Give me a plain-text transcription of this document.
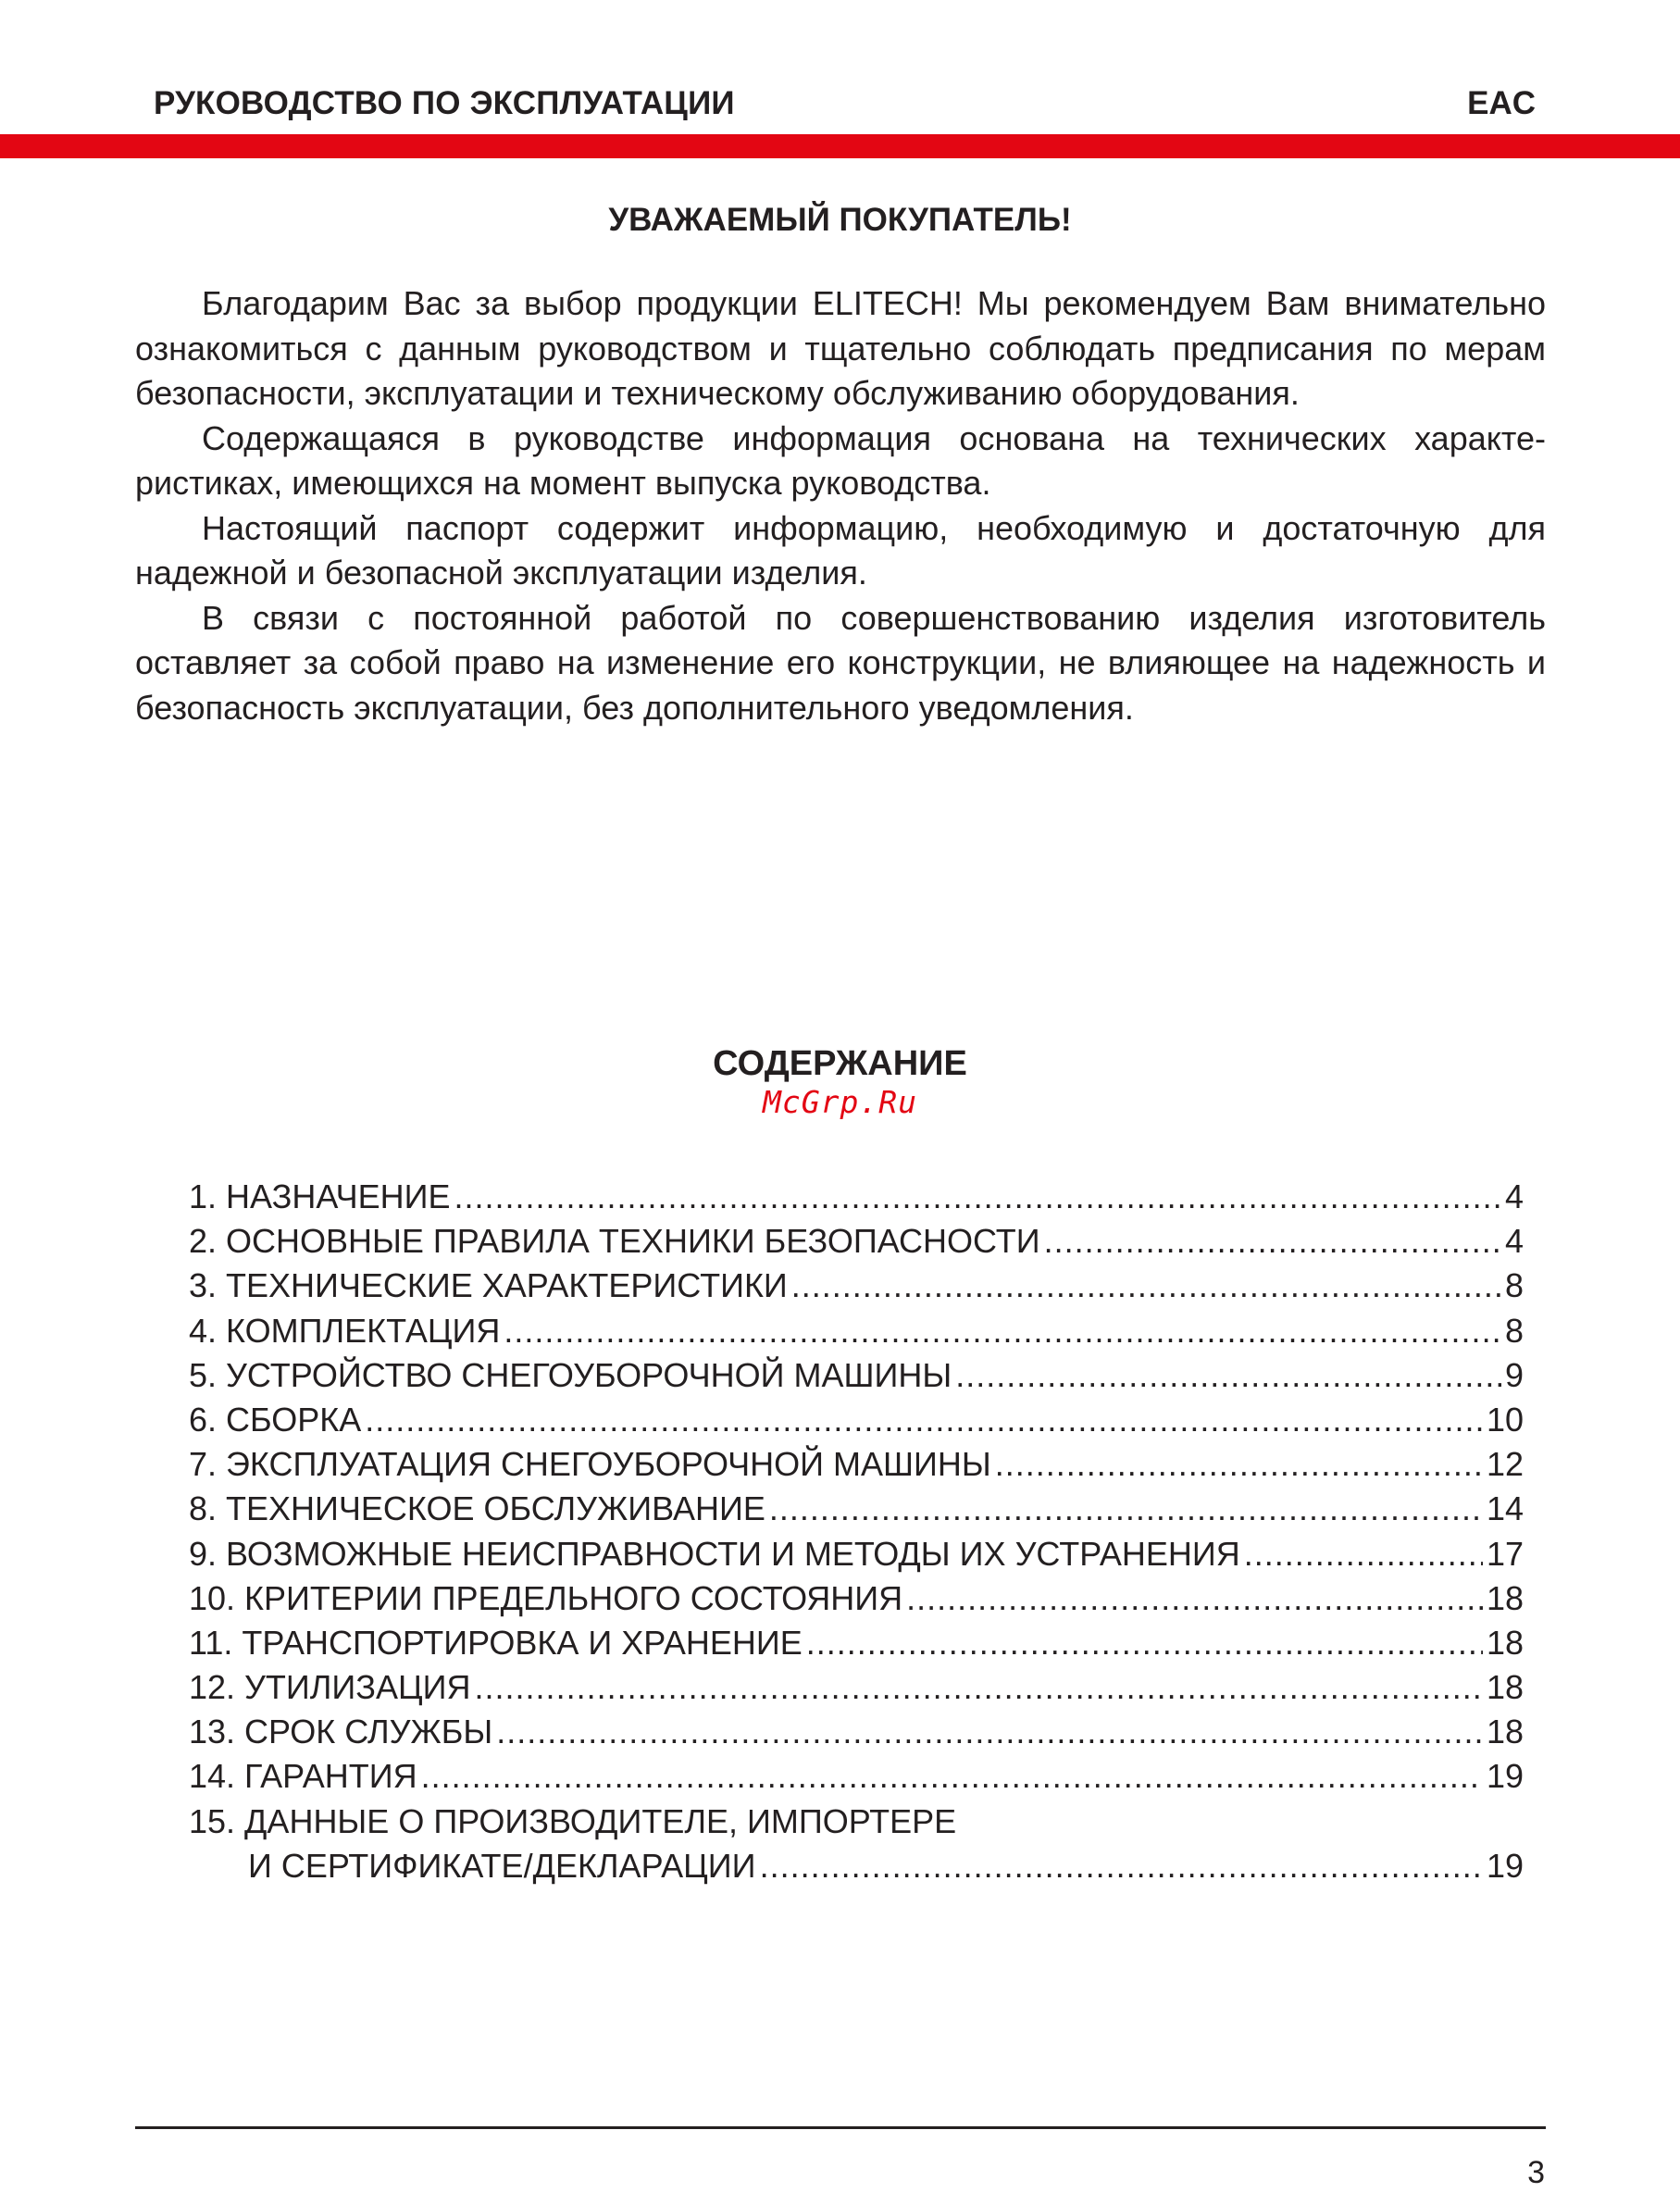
РУКОВОДСТВО ПО ЭКСПЛУАТАЦИИ	EAC
УВАЖАЕМЫЙ ПОКУПАТЕЛЬ!

Благодарим Вас за выбор продукции ELITECH! Мы рекомендуем Вам внимательно ознакомиться с данным руководством и тщательно соблюдать предписания по мерам безопасности, эксплуатации и техническому обслуживанию оборудования.

Содержащаяся в руководстве информация основана на технических характеристиках, имеющихся на момент выпуска руководства.

Настоящий паспорт содержит информацию, необходимую и достаточную для надежной и безопасной эксплуатации изделия.

В связи с постоянной работой по совершенствованию изделия изготовитель оставляет за собой право на изменение его конструкции, не влияющее на надежность и безопасность эксплуатации, без дополнительного уведомления.

СОДЕРЖАНИЕ
McGrp.Ru
1. НАЗНАЧЕНИЕ .....	4
2. ОСНОВНЫЕ ПРАВИЛА ТЕХНИКИ БЕЗОПАСНОСТИ .....	4
3. ТЕХНИЧЕСКИЕ ХАРАКТЕРИСТИКИ .....	8
4. КОМПЛЕКТАЦИЯ .....	8
5. УСТРОЙСТВО СНЕГОУБОРОЧНОЙ МАШИНЫ .....	9
6. СБОРКА .....	10
7. ЭКСПЛУАТАЦИЯ СНЕГОУБОРОЧНОЙ МАШИНЫ .....	12
8. ТЕХНИЧЕСКОЕ ОБСЛУЖИВАНИЕ .....	14
9. ВОЗМОЖНЫЕ НЕИСПРАВНОСТИ И МЕТОДЫ ИХ УСТРАНЕНИЯ .....	17
10. КРИТЕРИИ ПРЕДЕЛЬНОГО СОСТОЯНИЯ .....	18
11. ТРАНСПОРТИРОВКА И ХРАНЕНИЕ .....	18
12. УТИЛИЗАЦИЯ .....	18
13. СРОК СЛУЖБЫ .....	18
14. ГАРАНТИЯ .....	19
15. ДАННЫЕ О ПРОИЗВОДИТЕЛЕ, ИМПОРТЕРЕ
И СЕРТИФИКАТЕ/ДЕКЛАРАЦИИ .....	19
3
